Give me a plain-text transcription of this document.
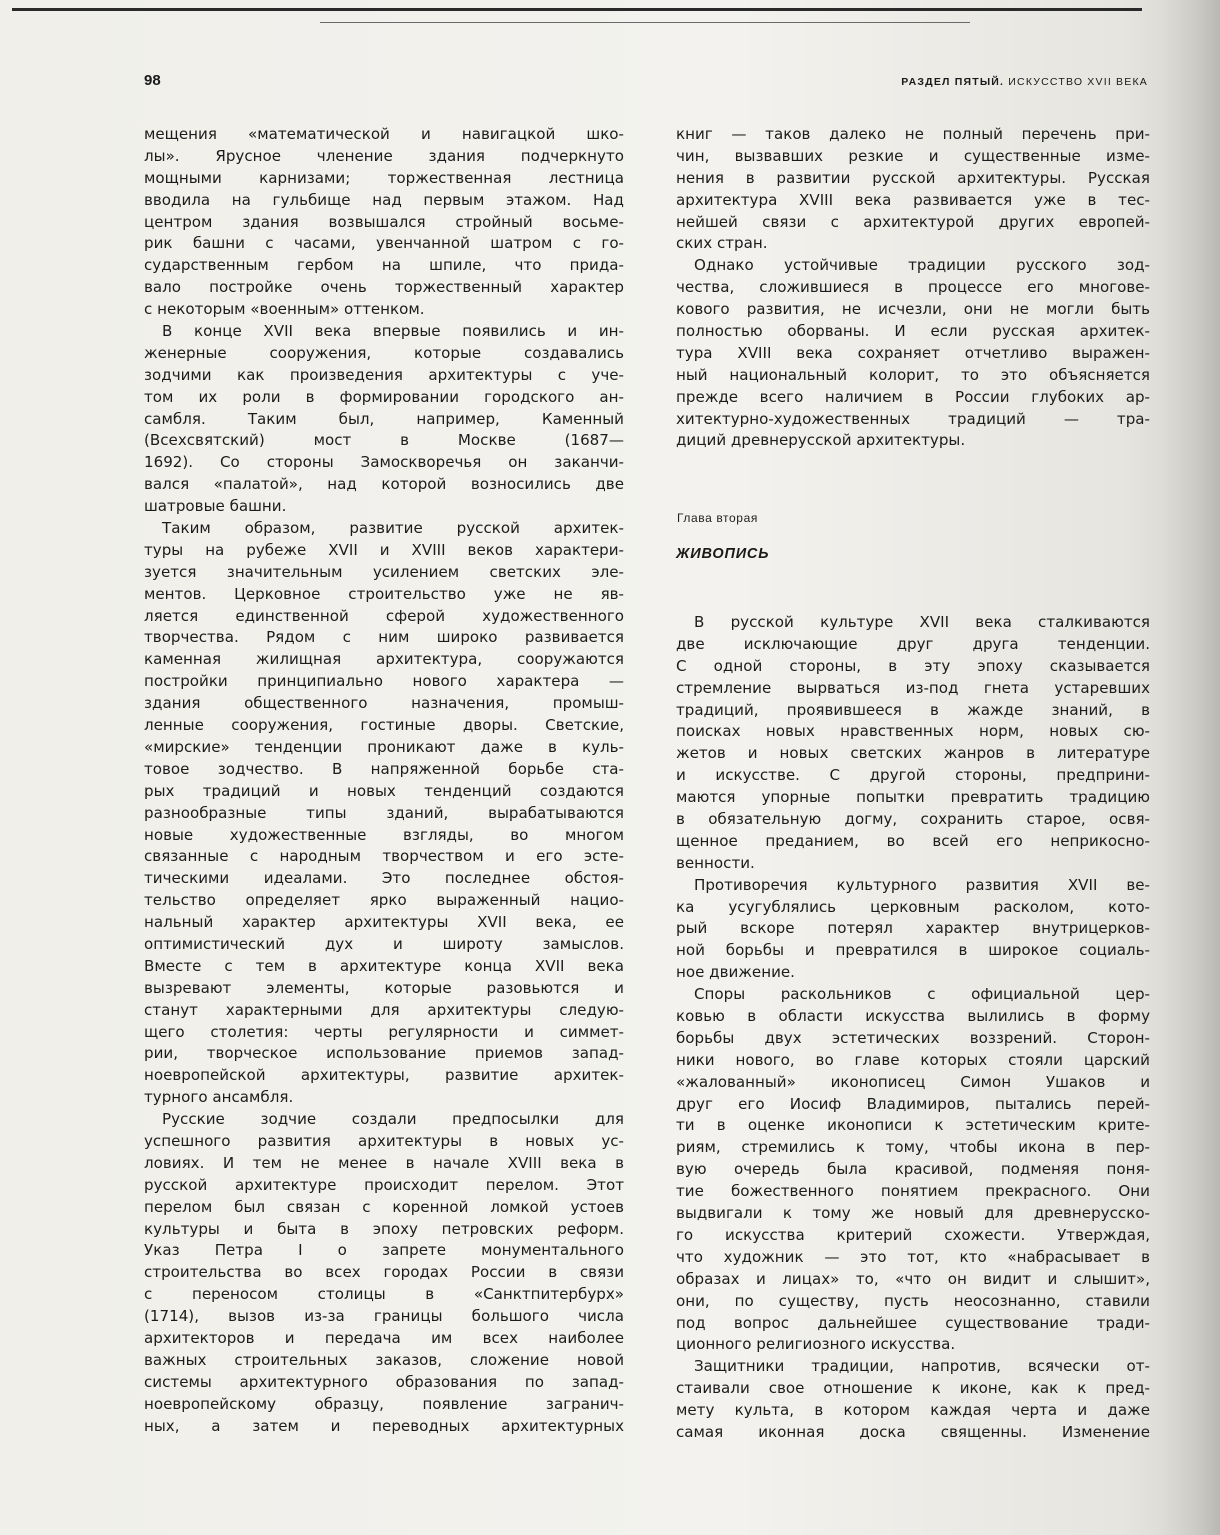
98	РАЗДЕЛ ПЯТЫЙ. ИСКУССТВО XVII ВЕКА
мещения «математической и навигацкой шко-
лы». Ярусное членение здания подчеркнуто
мощными карнизами; торжественная лестница
вводила на гульбище над первым этажом. Над
центром здания возвышался стройный восьме-
рик башни с часами, увенчанной шатром с го-
сударственным гербом на шпиле, что прида-
вало постройке очень торжественный характер
с некоторым «военным» оттенком.
В конце XVII века впервые появились и ин-
женерные сооружения, которые создавались
зодчими как произведения архитектуры с уче-
том их роли в формировании городского ан-
самбля. Таким был, например, Каменный
(Всехсвятский) мост в Москве (1687—
1692). Со стороны Замоскворечья он заканчи-
вался «палатой», над которой возносились две
шатровые башни.
Таким образом, развитие русской архитек-
туры на рубеже XVII и XVIII веков характери-
зуется значительным усилением светских эле-
ментов. Церковное строительство уже не яв-
ляется единственной сферой художественного
творчества. Рядом с ним широко развивается
каменная жилищная архитектура, сооружаются
постройки принципиально нового характера —
здания общественного назначения, промыш-
ленные сооружения, гостиные дворы. Светские,
«мирские» тенденции проникают даже в куль-
товое зодчество. В напряженной борьбе ста-
рых традиций и новых тенденций создаются
разнообразные типы зданий, вырабатываются
новые художественные взгляды, во многом
связанные с народным творчеством и его эсте-
тическими идеалами. Это последнее обстоя-
тельство определяет ярко выраженный нацио-
нальный характер архитектуры XVII века, ее
оптимистический дух и широту замыслов.
Вместе с тем в архитектуре конца XVII века
вызревают элементы, которые разовьются и
станут характерными для архитектуры следую-
щего столетия: черты регулярности и симмет-
рии, творческое использование приемов запад-
ноевропейской архитектуры, развитие архитек-
турного ансамбля.
Русские зодчие создали предпосылки для
успешного развития архитектуры в новых ус-
ловиях. И тем не менее в начале XVIII века в
русской архитектуре происходит перелом. Этот
перелом был связан с коренной ломкой устоев
культуры и быта в эпоху петровских реформ.
Указ Петра I о запрете монументального
строительства во всех городах России в связи
с переносом столицы в «Санктпитербурх»
(1714), вызов из-за границы большого числа
архитекторов и передача им всех наиболее
важных строительных заказов, сложение новой
системы архитектурного образования по запад-
ноевропейскому образцу, появление загранич-
ных, а затем и переводных архитектурных
книг — таков далеко не полный перечень при-
чин, вызвавших резкие и существенные изме-
нения в развитии русской архитектуры. Русская
архитектура XVIII века развивается уже в тес-
нейшей связи с архитектурой других европей-
ских стран.
Однако устойчивые традиции русского зод-
чества, сложившиеся в процессе его многове-
кового развития, не исчезли, они не могли быть
полностью оборваны. И если русская архитек-
тура XVIII века сохраняет отчетливо выражен-
ный национальный колорит, то это объясняется
прежде всего наличием в России глубоких ар-
хитектурно-художественных традиций — тра-
диций древнерусской архитектуры.
Глава вторая
ЖИВОПИСЬ
В русской культуре XVII века сталкиваются
две исключающие друг друга тенденции.
С одной стороны, в эту эпоху сказывается
стремление вырваться из-под гнета устаревших
традиций, проявившееся в жажде знаний, в
поисках новых нравственных норм, новых сю-
жетов и новых светских жанров в литературе
и искусстве. С другой стороны, предприни-
маются упорные попытки превратить традицию
в обязательную догму, сохранить старое, освя-
щенное преданием, во всей его неприкосно-
венности.
Противоречия культурного развития XVII ве-
ка усугублялись церковным расколом, кото-
рый вскоре потерял характер внутрицерков-
ной борьбы и превратился в широкое социаль-
ное движение.
Споры раскольников с официальной цер-
ковью в области искусства вылились в форму
борьбы двух эстетических воззрений. Сторон-
ники нового, во главе которых стояли царский
«жалованный» иконописец Симон Ушаков и
друг его Иосиф Владимиров, пытались перей-
ти в оценке иконописи к эстетическим крите-
риям, стремились к тому, чтобы икона в пер-
вую очередь была красивой, подменяя поня-
тие божественного понятием прекрасного. Они
выдвигали к тому же новый для древнерусско-
го искусства критерий схожести. Утверждая,
что художник — это тот, кто «набрасывает в
образах и лицах» то, «что он видит и слышит»,
они, по существу, пусть неосознанно, ставили
под вопрос дальнейшее существование тради-
ционного религиозного искусства.
Защитники традиции, напротив, всячески от-
стаивали свое отношение к иконе, как к пред-
мету культа, в котором каждая черта и даже
самая иконная доска священны. Изменение
